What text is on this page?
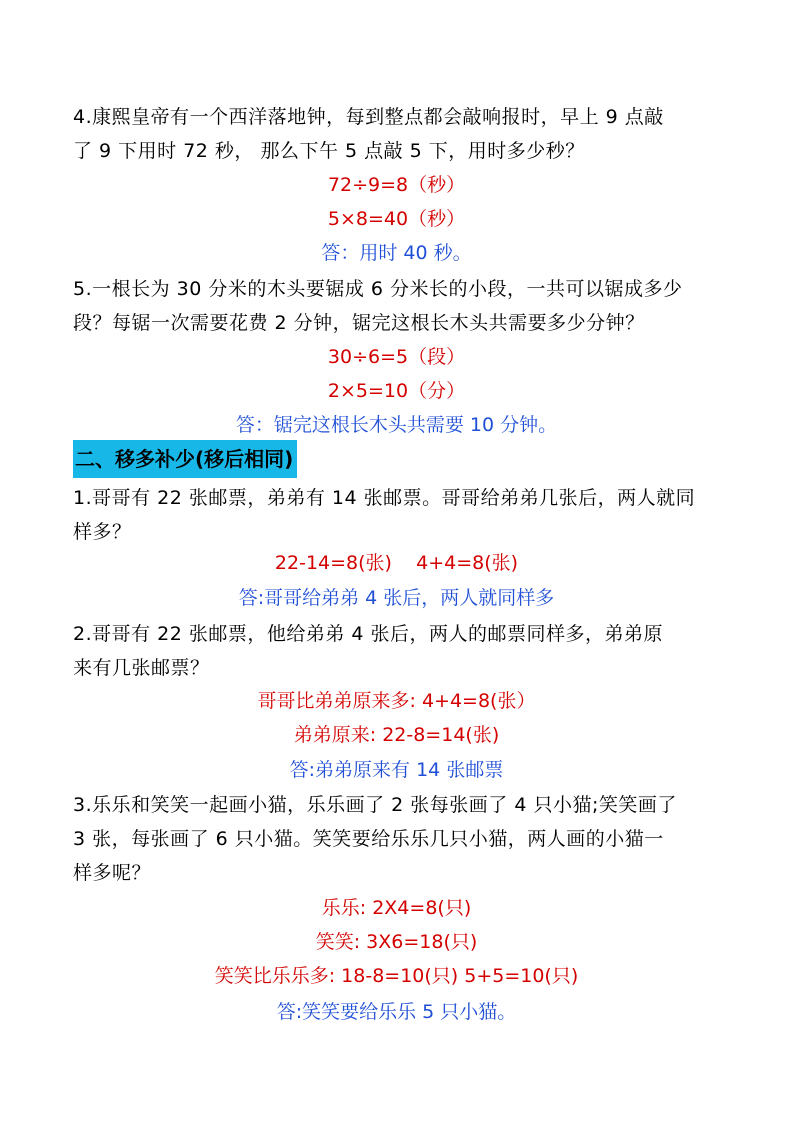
4.康熙皇帝有一个西洋落地钟，每到整点都会敲响报时，早上 9 点敲
了 9 下用时 72 秒， 那么下午 5 点敲 5 下，用时多少秒？
72÷9=8（秒）
5×8=40（秒）
答：用时 40 秒。
5.一根长为 30 分米的木头要锯成 6 分米长的小段，一共可以锯成多少
段？每锯一次需要花费 2 分钟，锯完这根长木头共需要多少分钟？
30÷6=5（段）
2×5=10（分）
答：锯完这根长木头共需要 10 分钟。
二、移多补少(移后相同)
1.哥哥有 22 张邮票，弟弟有 14 张邮票。哥哥给弟弟几张后，两人就同
样多？
22-14=8(张)    4+4=8(张)
答:哥哥给弟弟 4 张后，两人就同样多
2.哥哥有 22 张邮票，他给弟弟 4 张后，两人的邮票同样多，弟弟原
来有几张邮票？
哥哥比弟弟原来多: 4+4=8(张）
弟弟原来: 22-8=14(张)
答:弟弟原来有 14 张邮票
3.乐乐和笑笑一起画小猫，乐乐画了 2 张每张画了 4 只小猫;笑笑画了
3 张，每张画了 6 只小猫。笑笑要给乐乐几只小猫，两人画的小猫一
样多呢？
乐乐: 2X4=8(只)
笑笑: 3X6=18(只)
笑笑比乐乐多: 18-8=10(只) 5+5=10(只)
答:笑笑要给乐乐 5 只小猫。
